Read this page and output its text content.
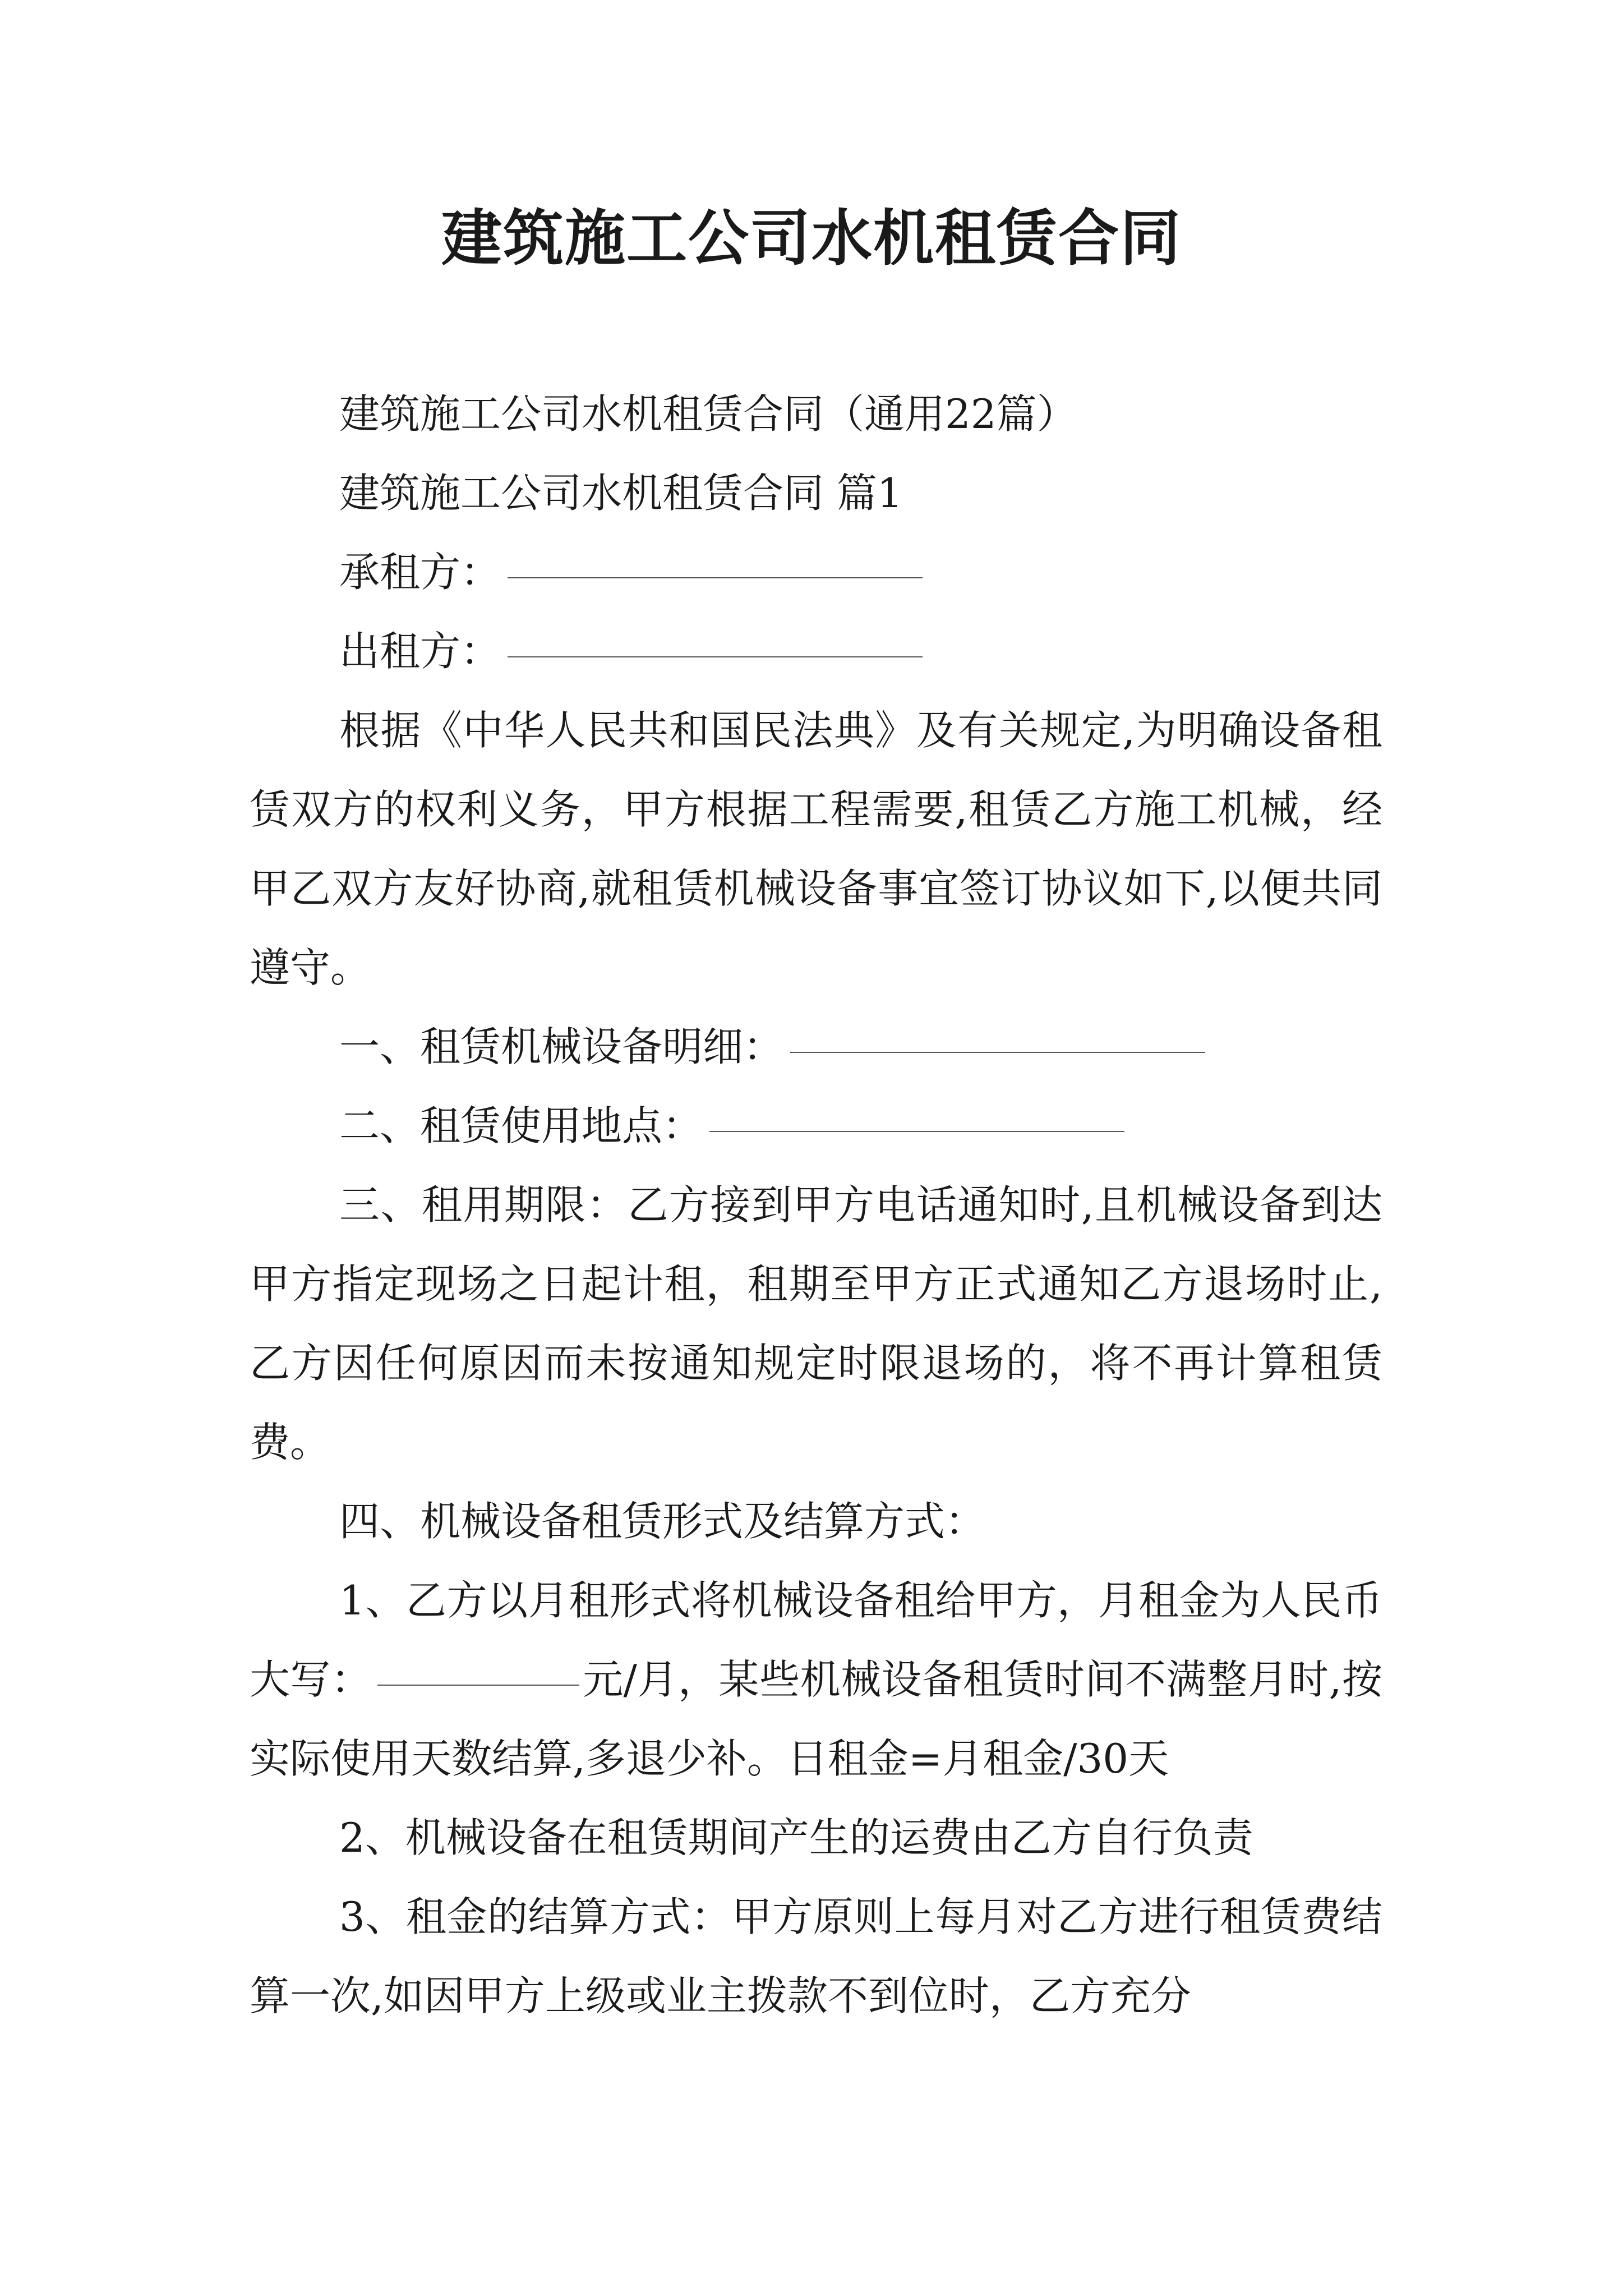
建筑施工公司水机租赁合同

建筑施工公司水机租赁合同（通用22篇）

建筑施工公司水机租赁合同 篇1

承租方：

出租方：

根据《中华人民共和国民法典》及有关规定,为明确设备租赁双方的权利义务，甲方根据工程需要,租赁乙方施工机械，经甲乙双方友好协商,就租赁机械设备事宜签订协议如下,以便共同遵守。

一、租赁机械设备明细：

二、租赁使用地点：

三、租用期限：乙方接到甲方电话通知时,且机械设备到达甲方指定现场之日起计租，租期至甲方正式通知乙方退场时止,乙方因任何原因而未按通知规定时限退场的，将不再计算租赁费。

四、机械设备租赁形式及结算方式：

1、乙方以月租形式将机械设备租给甲方，月租金为人民币大写：	元/月，某些机械设备租赁时间不满整月时,按实际使用天数结算,多退少补。日租金=月租金/30天

2、机械设备在租赁期间产生的运费由乙方自行负责

3、租金的结算方式：甲方原则上每月对乙方进行租赁费结算一次,如因甲方上级或业主拨款不到位时，乙方充分
